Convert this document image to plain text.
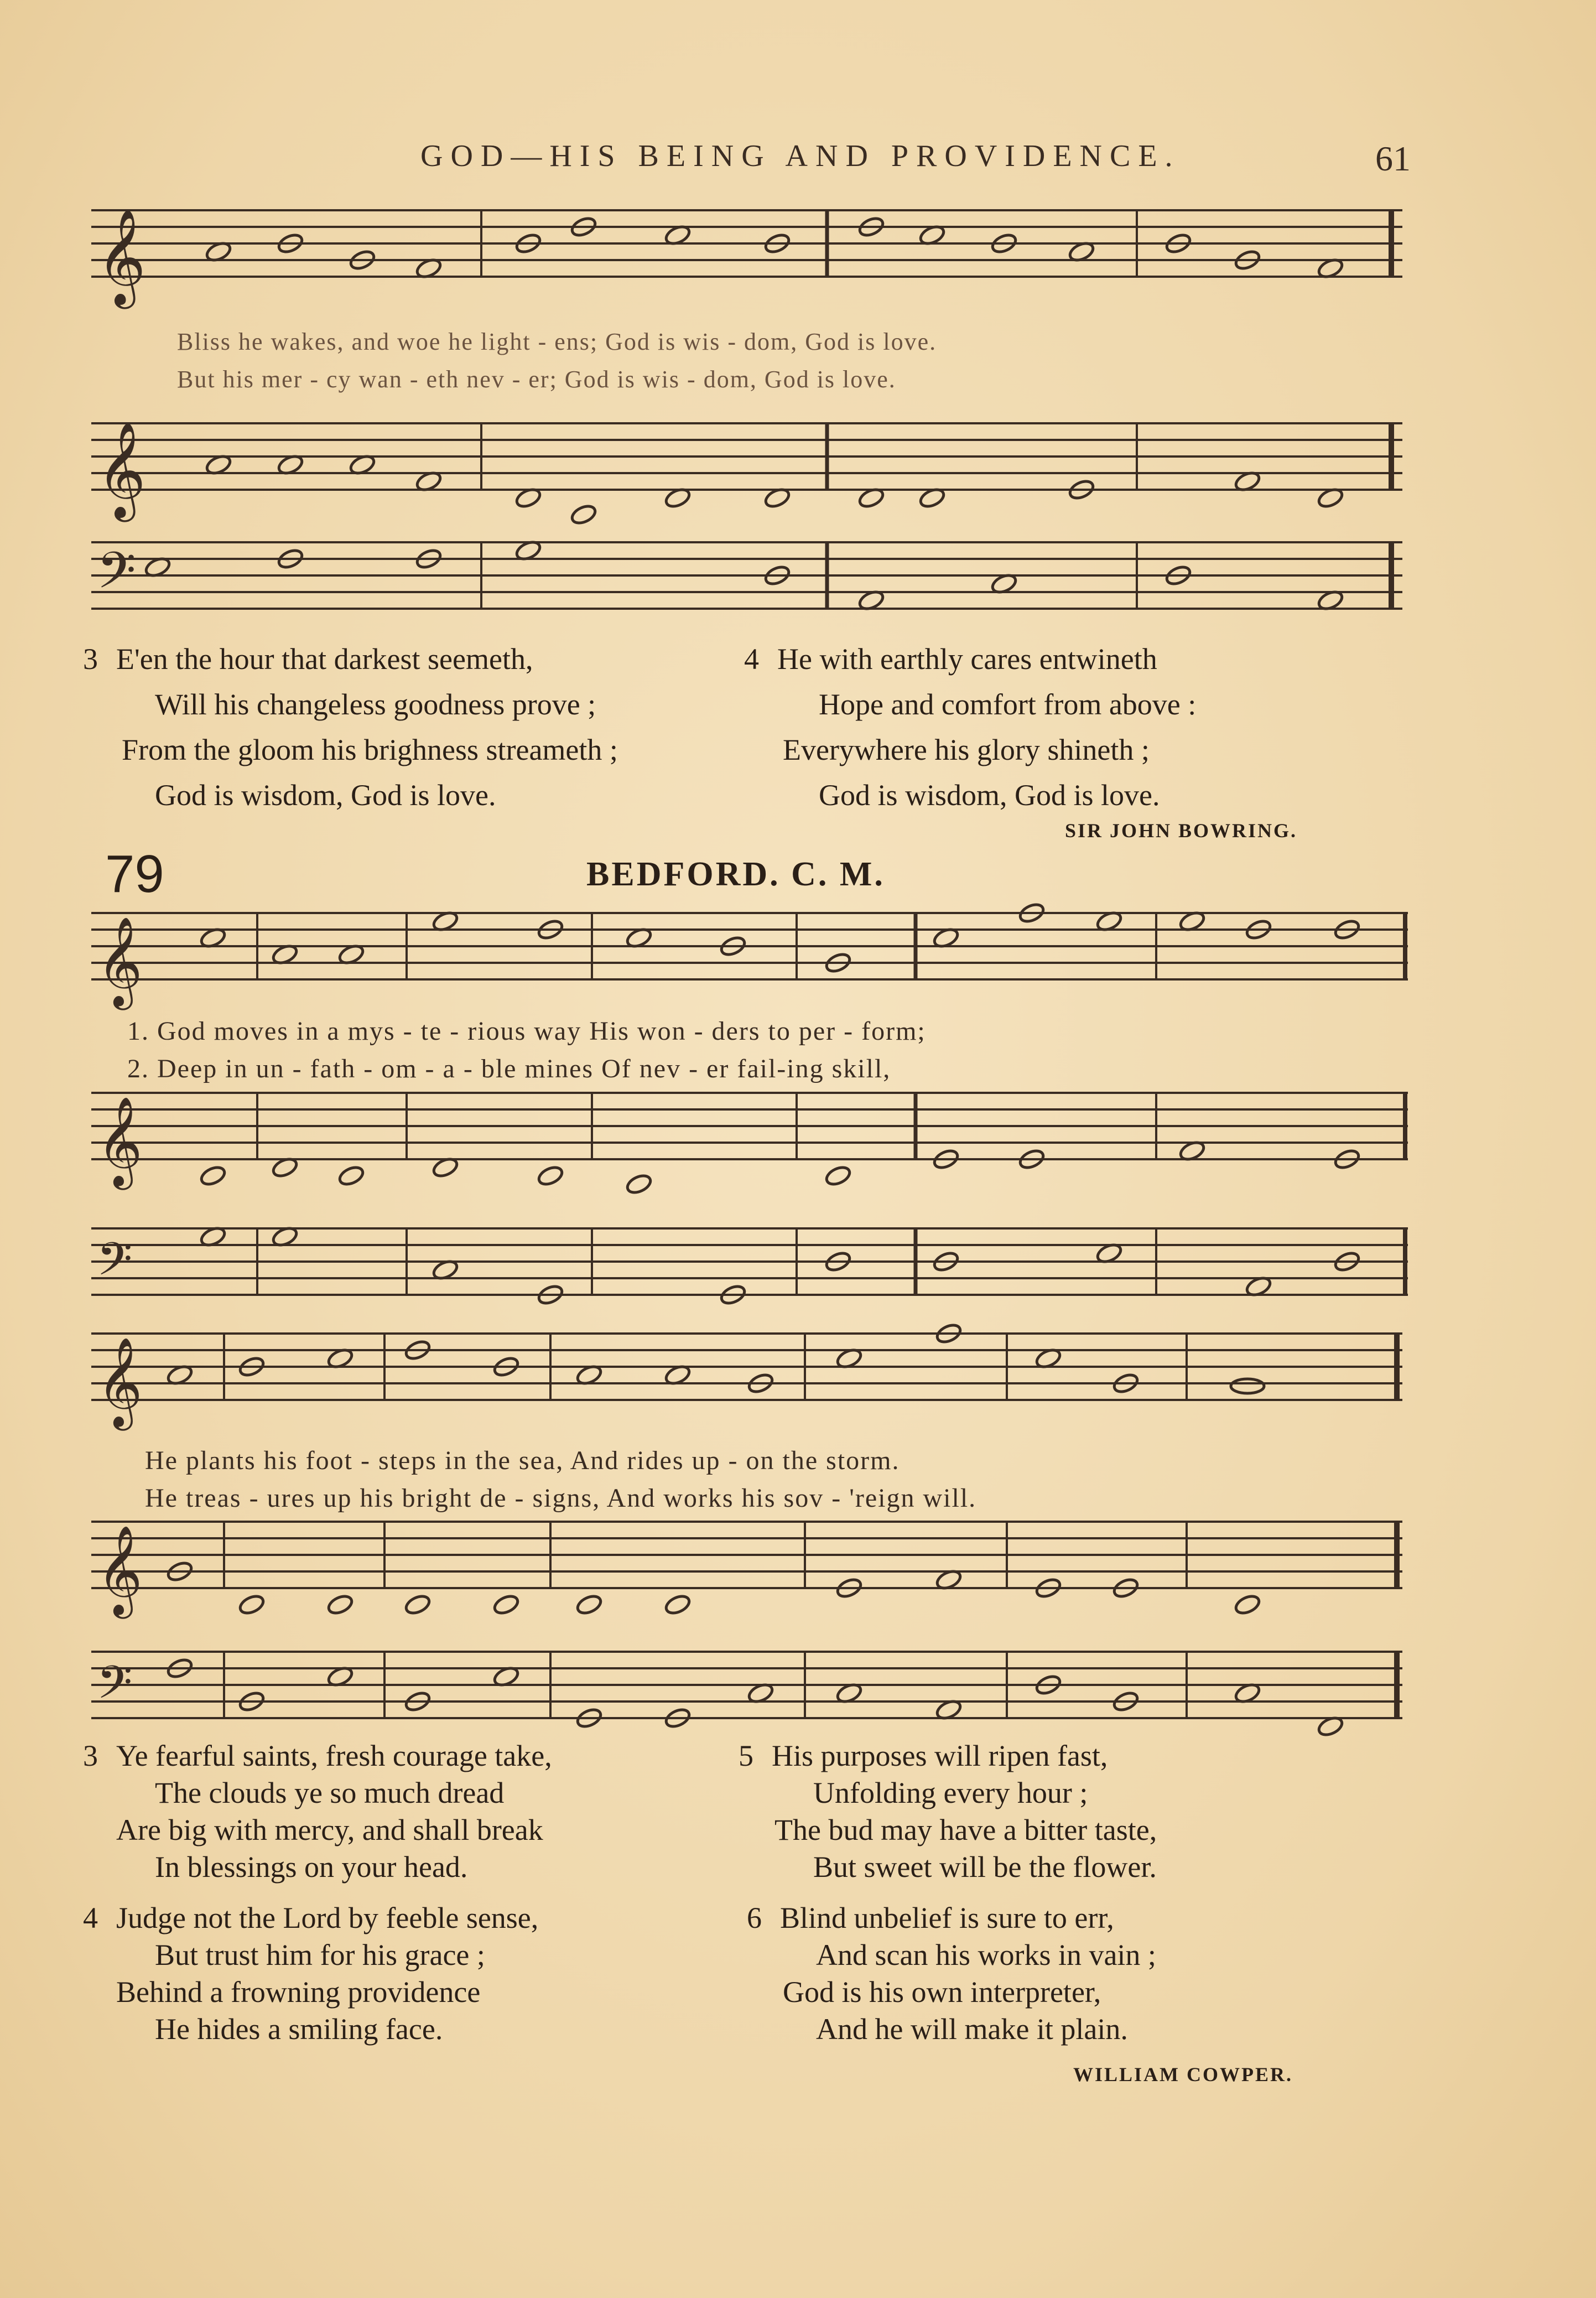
GOD—HIS BEING AND PROVIDENCE.	61
𝄞
𝄞
𝄢
Bliss he wakes, and woe he light - ens; God is wis - dom, God is love.
But his mer - cy wan - eth nev - er; God is wis - dom, God is love.
3 E'en the hour that darkest seemeth,
Will his changeless goodness prove ;
From the gloom his brighness streameth ;
God is wisdom, God is love.
4 He with earthly cares entwineth
Hope and comfort from above :
Everywhere his glory shineth ;
God is wisdom, God is love.
SIR JOHN BOWRING.
79	BEDFORD. C. M.
𝄞
𝄞
𝄢
1. God moves in a mys - te - rious way His won - ders to per - form;
2. Deep in un - fath - om - a - ble mines Of nev - er fail-ing skill,
𝄞
𝄞
𝄢
He plants his foot - steps in the sea, And rides up - on the storm.
He treas - ures up his bright de - signs, And works his sov - 'reign will.
3 Ye fearful saints, fresh courage take,
The clouds ye so much dread
Are big with mercy, and shall break
In blessings on your head.
5 His purposes will ripen fast,
Unfolding every hour ;
The bud may have a bitter taste,
But sweet will be the flower.
4 Judge not the Lord by feeble sense,
But trust him for his grace ;
Behind a frowning providence
He hides a smiling face.
6 Blind unbelief is sure to err,
And scan his works in vain ;
God is his own interpreter,
And he will make it plain.
WILLIAM COWPER.
